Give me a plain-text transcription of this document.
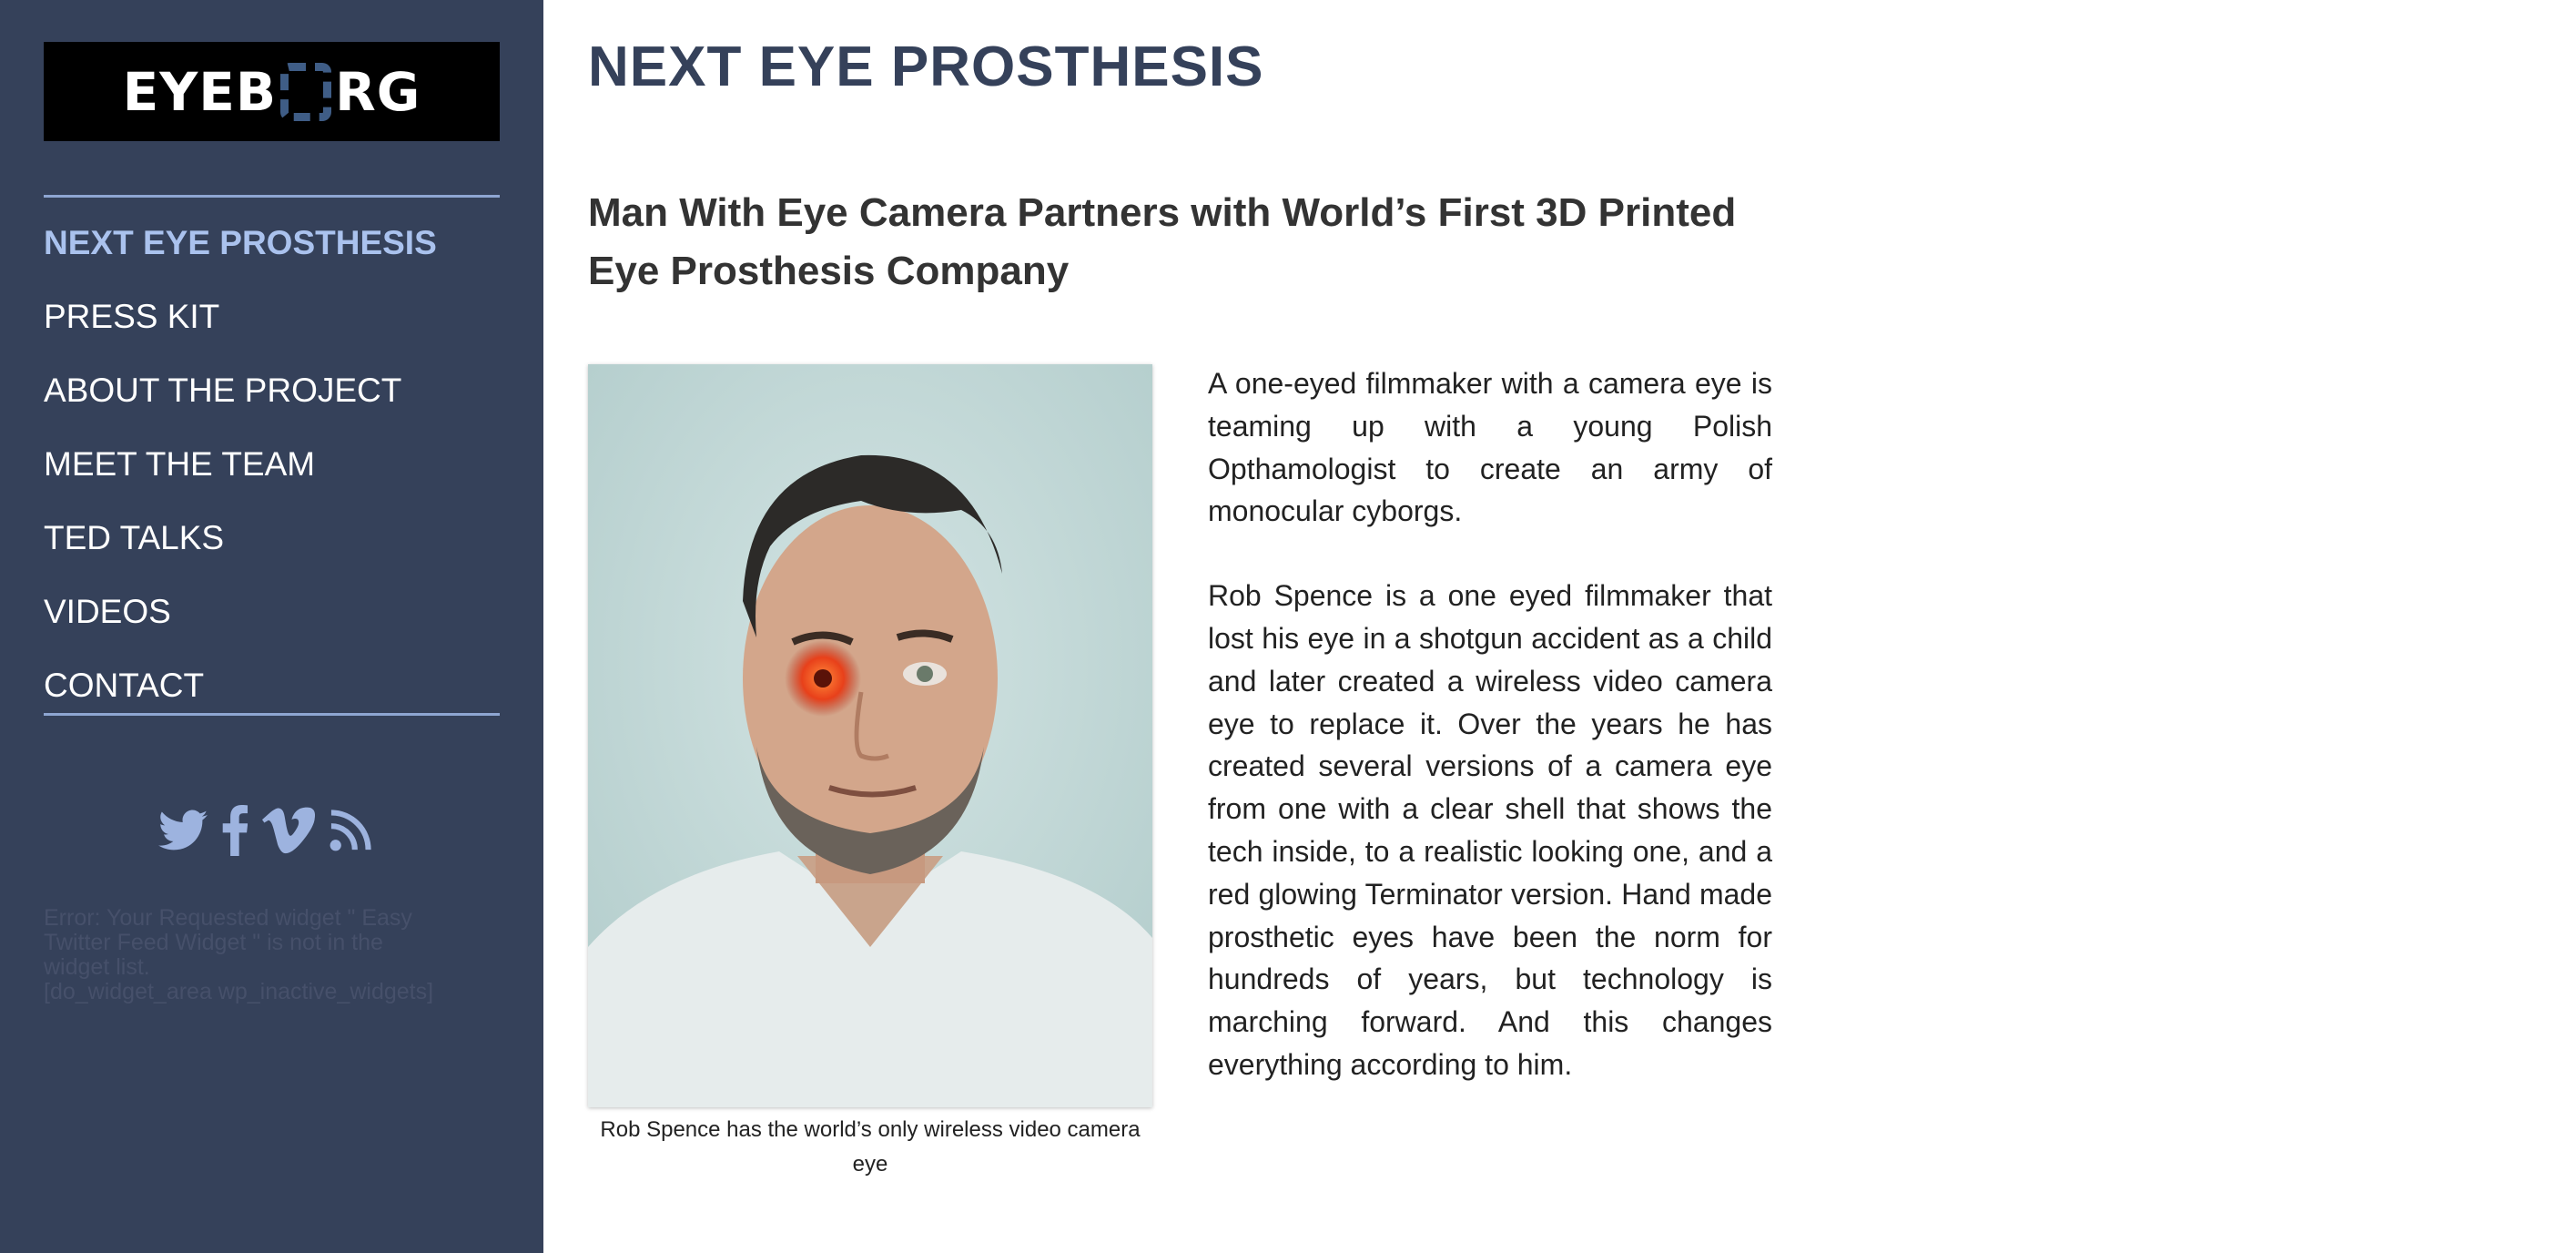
EYEB RG
NEXT EYE PROSTHESIS
PRESS KIT
ABOUT THE PROJECT
MEET THE TEAM
TED TALKS
VIDEOS
CONTACT

Error: Your Requested widget " Easy

Twitter Feed Widget " is not in the

widget list.

[do_widget_area wp_inactive_widgets]

NEXT EYE PROSTHESIS
Man With Eye Camera Partners with World’s First 3D Printed Eye Prosthesis Company

Rob Spence has the world’s only wireless video camera eye

A one-eyed filmmaker with a camera eye is teaming up with a young Polish Opthamologist to create an army of monocular cyborgs.

Rob Spence is a one eyed filmmaker that lost his eye in a shotgun accident as a child and later created a wireless video camera eye to replace it. Over the years he has created several versions of a camera eye from one with a clear shell that shows the tech inside, to a realistic looking one, and a red glowing Terminator version. Hand made prosthetic eyes have been the norm for hundreds of years, but technology is marching forward. And this changes everything according to him.
